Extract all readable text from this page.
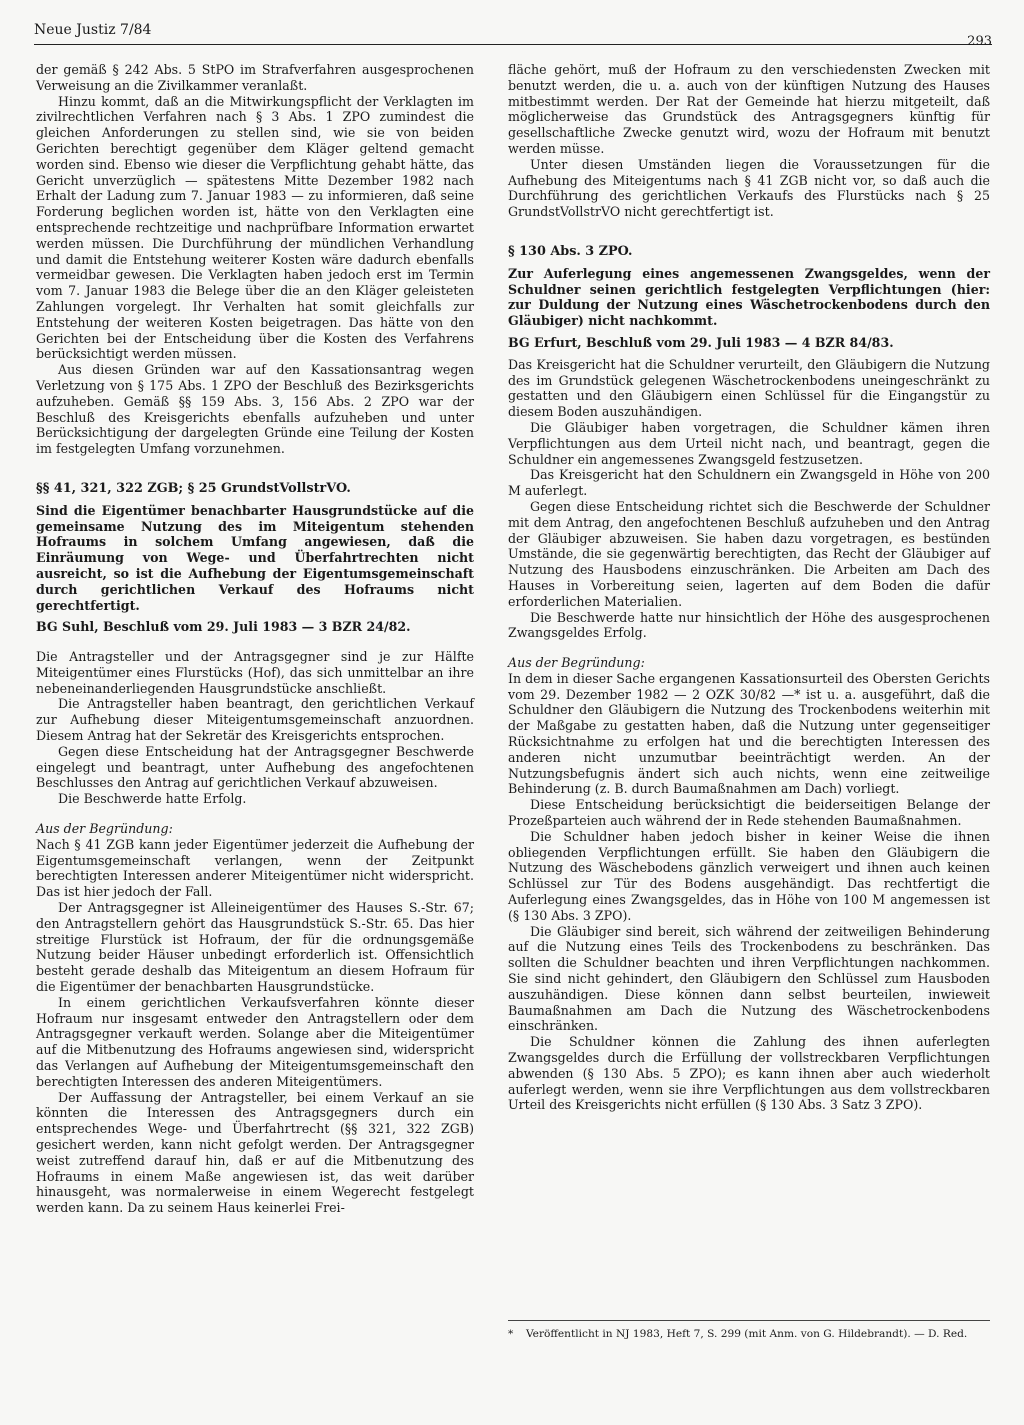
Neue Justiz 7/84
293

der gemäß § 242 Abs. 5 StPO im Strafverfahren ausgesprochenen Verweisung an die Zivilkammer veranlaßt.

Hinzu kommt, daß an die Mitwirkungspflicht der Verklagten im zivilrechtlichen Verfahren nach § 3 Abs. 1 ZPO zumindest die gleichen Anforderungen zu stellen sind, wie sie von beiden Gerichten berechtigt gegenüber dem Kläger geltend gemacht worden sind. Ebenso wie dieser die Verpflichtung gehabt hätte, das Gericht unverzüglich — spätestens Mitte Dezember 1982 nach Erhalt der Ladung zum 7. Januar 1983 — zu informieren, daß seine Forderung beglichen worden ist, hätte von den Verklagten eine entsprechende rechtzeitige und nachprüfbare Information erwartet werden müssen. Die Durchführung der mündlichen Verhandlung und damit die Entstehung weiterer Kosten wäre dadurch ebenfalls vermeidbar gewesen. Die Verklagten haben jedoch erst im Termin vom 7. Januar 1983 die Belege über die an den Kläger geleisteten Zahlungen vorgelegt. Ihr Verhalten hat somit gleichfalls zur Entstehung der weiteren Kosten beigetragen. Das hätte von den Gerichten bei der Entscheidung über die Kosten des Verfahrens berücksichtigt werden müssen.

Aus diesen Gründen war auf den Kassationsantrag wegen Verletzung von § 175 Abs. 1 ZPO der Beschluß des Bezirksgerichts aufzuheben. Gemäß §§ 159 Abs. 3, 156 Abs. 2 ZPO war der Beschluß des Kreisgerichts ebenfalls aufzuheben und unter Berücksichtigung der dargelegten Gründe eine Teilung der Kosten im festgelegten Umfang vorzunehmen.

§§ 41, 321, 322 ZGB; § 25 GrundstVollstrVO.

Sind die Eigentümer benachbarter Hausgrundstücke auf die gemeinsame Nutzung des im Miteigentum stehenden Hofraums in solchem Umfang angewiesen, daß die Einräumung von Wege- und Überfahrtrechten nicht ausreicht, so ist die Aufhebung der Eigentumsgemeinschaft durch gerichtlichen Verkauf des Hofraums nicht gerechtfertigt.

BG Suhl, Beschluß vom 29. Juli 1983 — 3 BZR 24/82.

Die Antragsteller und der Antragsgegner sind je zur Hälfte Miteigentümer eines Flurstücks (Hof), das sich unmittelbar an ihre nebeneinanderliegenden Hausgrundstücke anschließt.

Die Antragsteller haben beantragt, den gerichtlichen Verkauf zur Aufhebung dieser Miteigentumsgemeinschaft anzuordnen. Diesem Antrag hat der Sekretär des Kreisgerichts entsprochen.

Gegen diese Entscheidung hat der Antragsgegner Beschwerde eingelegt und beantragt, unter Aufhebung des angefochtenen Beschlusses den Antrag auf gerichtlichen Verkauf abzuweisen.

Die Beschwerde hatte Erfolg.

Aus der Begründung:

Nach § 41 ZGB kann jeder Eigentümer jederzeit die Aufhebung der Eigentumsgemeinschaft verlangen, wenn der Zeitpunkt berechtigten Interessen anderer Miteigentümer nicht widerspricht. Das ist hier jedoch der Fall.

Der Antragsgegner ist Alleineigentümer des Hauses S.-Str. 67; den Antragstellern gehört das Hausgrundstück S.-Str. 65. Das hier streitige Flurstück ist Hofraum, der für die ordnungsgemäße Nutzung beider Häuser unbedingt erforderlich ist. Offensichtlich besteht gerade deshalb das Miteigentum an diesem Hofraum für die Eigentümer der benachbarten Hausgrundstücke.

In einem gerichtlichen Verkaufsverfahren könnte dieser Hofraum nur insgesamt entweder den Antragstellern oder dem Antragsgegner verkauft werden. Solange aber die Miteigentümer auf die Mitbenutzung des Hofraums angewiesen sind, widerspricht das Verlangen auf Aufhebung der Miteigentumsgemeinschaft den berechtigten Interessen des anderen Miteigentümers.

Der Auffassung der Antragsteller, bei einem Verkauf an sie könnten die Interessen des Antragsgegners durch ein entsprechendes Wege- und Überfahrtrecht (§§ 321, 322 ZGB) gesichert werden, kann nicht gefolgt werden. Der Antragsgegner weist zutreffend darauf hin, daß er auf die Mitbenutzung des Hofraums in einem Maße angewiesen ist, das weit darüber hinausgeht, was normalerweise in einem Wegerecht festgelegt werden kann. Da zu seinem Haus keinerlei Frei-

fläche gehört, muß der Hofraum zu den verschiedensten Zwecken mit benutzt werden, die u. a. auch von der künftigen Nutzung des Hauses mitbestimmt werden. Der Rat der Gemeinde hat hierzu mitgeteilt, daß möglicherweise das Grundstück des Antragsgegners künftig für gesellschaftliche Zwecke genutzt wird, wozu der Hofraum mit benutzt werden müsse.

Unter diesen Umständen liegen die Voraussetzungen für die Aufhebung des Miteigentums nach § 41 ZGB nicht vor, so daß auch die Durchführung des gerichtlichen Verkaufs des Flurstücks nach § 25 GrundstVollstrVO nicht gerechtfertigt ist.

§ 130 Abs. 3 ZPO.

Zur Auferlegung eines angemessenen Zwangsgeldes, wenn der Schuldner seinen gerichtlich festgelegten Verpflichtungen (hier: zur Duldung der Nutzung eines Wäschetrockenbodens durch den Gläubiger) nicht nachkommt.

BG Erfurt, Beschluß vom 29. Juli 1983 — 4 BZR 84/83.

Das Kreisgericht hat die Schuldner verurteilt, den Gläubigern die Nutzung des im Grundstück gelegenen Wäschetrockenbodens uneingeschränkt zu gestatten und den Gläubigern einen Schlüssel für die Eingangstür zu diesem Boden auszuhändigen.

Die Gläubiger haben vorgetragen, die Schuldner kämen ihren Verpflichtungen aus dem Urteil nicht nach, und beantragt, gegen die Schuldner ein angemessenes Zwangsgeld festzusetzen.

Das Kreisgericht hat den Schuldnern ein Zwangsgeld in Höhe von 200 M auferlegt.

Gegen diese Entscheidung richtet sich die Beschwerde der Schuldner mit dem Antrag, den angefochtenen Beschluß aufzuheben und den Antrag der Gläubiger abzuweisen. Sie haben dazu vorgetragen, es bestünden Umstände, die sie gegenwärtig berechtigten, das Recht der Gläubiger auf Nutzung des Hausbodens einzuschränken. Die Arbeiten am Dach des Hauses in Vorbereitung seien, lagerten auf dem Boden die dafür erforderlichen Materialien.

Die Beschwerde hatte nur hinsichtlich der Höhe des ausgesprochenen Zwangsgeldes Erfolg.

Aus der Begründung:

In dem in dieser Sache ergangenen Kassationsurteil des Obersten Gerichts vom 29. Dezember 1982 — 2 OZK 30/82 —* ist u. a. ausgeführt, daß die Schuldner den Gläubigern die Nutzung des Trockenbodens weiterhin mit der Maßgabe zu gestatten haben, daß die Nutzung unter gegenseitiger Rücksichtnahme zu erfolgen hat und die berechtigten Interessen des anderen nicht unzumutbar beeinträchtigt werden. An der Nutzungsbefugnis ändert sich auch nichts, wenn eine zeitweilige Behinderung (z. B. durch Baumaßnahmen am Dach) vorliegt.

Diese Entscheidung berücksichtigt die beiderseitigen Belange der Prozeßparteien auch während der in Rede stehenden Baumaßnahmen.

Die Schuldner haben jedoch bisher in keiner Weise die ihnen obliegenden Verpflichtungen erfüllt. Sie haben den Gläubigern die Nutzung des Wäschebodens gänzlich verweigert und ihnen auch keinen Schlüssel zur Tür des Bodens ausgehändigt. Das rechtfertigt die Auferlegung eines Zwangsgeldes, das in Höhe von 100 M angemessen ist (§ 130 Abs. 3 ZPO).

Die Gläubiger sind bereit, sich während der zeitweiligen Behinderung auf die Nutzung eines Teils des Trockenbodens zu beschränken. Das sollten die Schuldner beachten und ihren Verpflichtungen nachkommen. Sie sind nicht gehindert, den Gläubigern den Schlüssel zum Hausboden auszuhändigen. Diese können dann selbst beurteilen, inwieweit Baumaßnahmen am Dach die Nutzung des Wäschetrockenbodens einschränken.

Die Schuldner können die Zahlung des ihnen auferlegten Zwangsgeldes durch die Erfüllung der vollstreckbaren Verpflichtungen abwenden (§ 130 Abs. 5 ZPO); es kann ihnen aber auch wiederholt auferlegt werden, wenn sie ihre Verpflichtungen aus dem vollstreckbaren Urteil des Kreisgerichts nicht erfüllen (§ 130 Abs. 3 Satz 3 ZPO).

*	Veröffentlicht in NJ 1983, Heft 7, S. 299 (mit Anm. von G. Hildebrandt). — D. Red.
